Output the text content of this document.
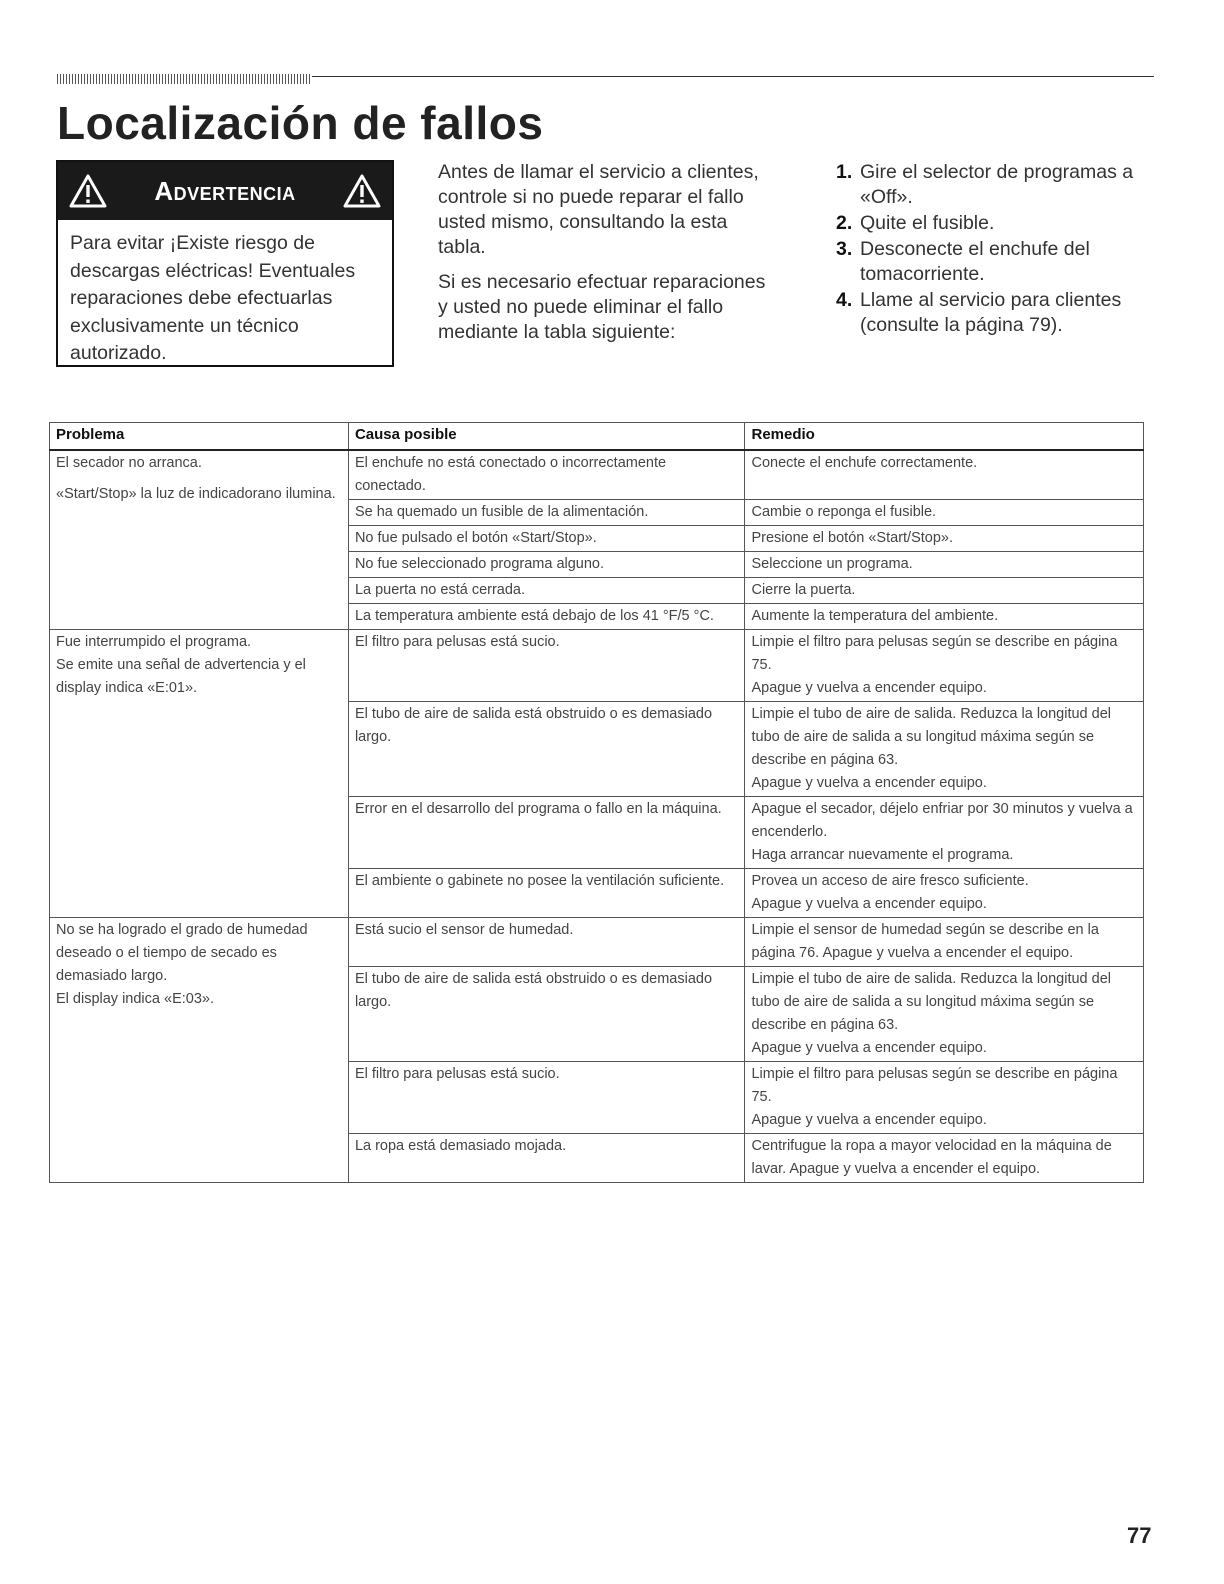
Localización de fallos
Advertencia
Para evitar ¡Existe riesgo de descargas eléctricas! Eventuales reparaciones debe efectuarlas exclusivamente un técnico autorizado.

Antes de llamar el servicio a clientes, controle si no puede reparar el fallo usted mismo, consultando la esta tabla.

Si es necesario efectuar reparaciones y usted no puede eliminar el fallo mediante la tabla siguiente:

1. Gire el selector de programas a «Off».
2. Quite el fusible.
3. Desconecte el enchufe del tomacorriente.
4. Llame al servicio para clientes (consulte la página 79).
Problema	Causa posible	Remedio

El secador no arranca.
«Start/Stop» la luz de indicadorano ilumina.	El enchufe no está conectado o incorrectamente conectado.	Conecte el enchufe correctamente.
	Se ha quemado un fusible de la alimentación.	Cambie o reponga el fusible.
	No fue pulsado el botón «Start/Stop».	Presione el botón «Start/Stop».
	No fue seleccionado programa alguno.	Seleccione un programa.
	La puerta no está cerrada.	Cierre la puerta.
	La temperatura ambiente está debajo de los 41 °F/5 °C.	Aumente la temperatura del ambiente.

Fue interrumpido el programa.
Se emite una señal de advertencia y el display indica «E:01».	El filtro para pelusas está sucio.	Limpie el filtro para pelusas según se describe en página 75.
Apague y vuelva a encender equipo.
	El tubo de aire de salida está obstruido o es demasiado largo.	Limpie el tubo de aire de salida. Reduzca la longitud del tubo de aire de salida a su longitud máxima según se describe en página 63.
Apague y vuelva a encender equipo.
	Error en el desarrollo del programa o fallo en la máquina.	Apague el secador, déjelo enfriar por 30 minutos y vuelva a encenderlo.
Haga arrancar nuevamente el programa.
	El ambiente o gabinete no posee la ventilación suficiente.	Provea un acceso de aire fresco suficiente.
Apague y vuelva a encender equipo.

No se ha logrado el grado de humedad deseado o el tiempo de secado es demasiado largo.
El display indica «E:03».	Está sucio el sensor de humedad.	Limpie el sensor de humedad según se describe en la página 76. Apague y vuelva a encender el equipo.
	El tubo de aire de salida está obstruido o es demasiado largo.	Limpie el tubo de aire de salida. Reduzca la longitud del tubo de aire de salida a su longitud máxima según se describe en página 63.
Apague y vuelva a encender equipo.
	El filtro para pelusas está sucio.	Limpie el filtro para pelusas según se describe en página 75.
Apague y vuelva a encender equipo.
	La ropa está demasiado mojada.	Centrifugue la ropa a mayor velocidad en la máquina de lavar. Apague y vuelva a encender el equipo.
77
